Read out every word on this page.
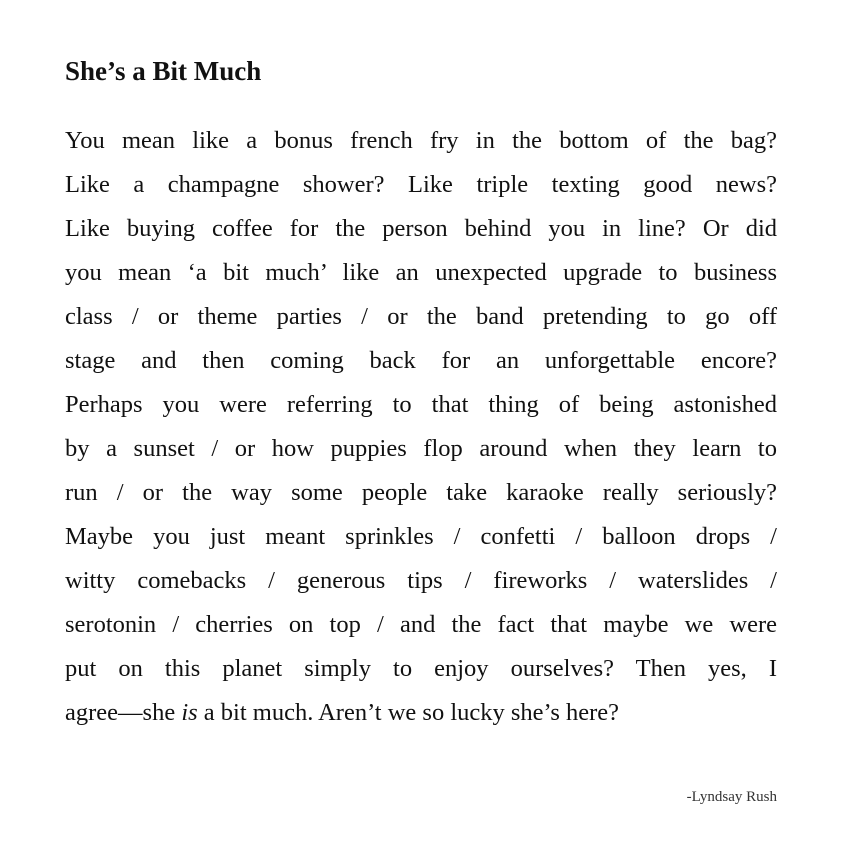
She’s a Bit Much
You mean like a bonus french fry in the bottom of the bag?
Like a champagne shower? Like triple texting good news?
Like buying coffee for the person behind you in line? Or did
you mean ‘a bit much’ like an unexpected upgrade to business
class / or theme parties / or the band pretending to go off
stage and then coming back for an unforgettable encore?
Perhaps you were referring to that thing of being astonished
by a sunset / or how puppies flop around when they learn to
run / or the way some people take karaoke really seriously?
Maybe you just meant sprinkles / confetti / balloon drops /
witty comebacks / generous tips / fireworks / waterslides /
serotonin / cherries on top / and the fact that maybe we were
put on this planet simply to enjoy ourselves? Then yes, I
agree—she is a bit much. Aren’t we so lucky she’s here?
-Lyndsay Rush
